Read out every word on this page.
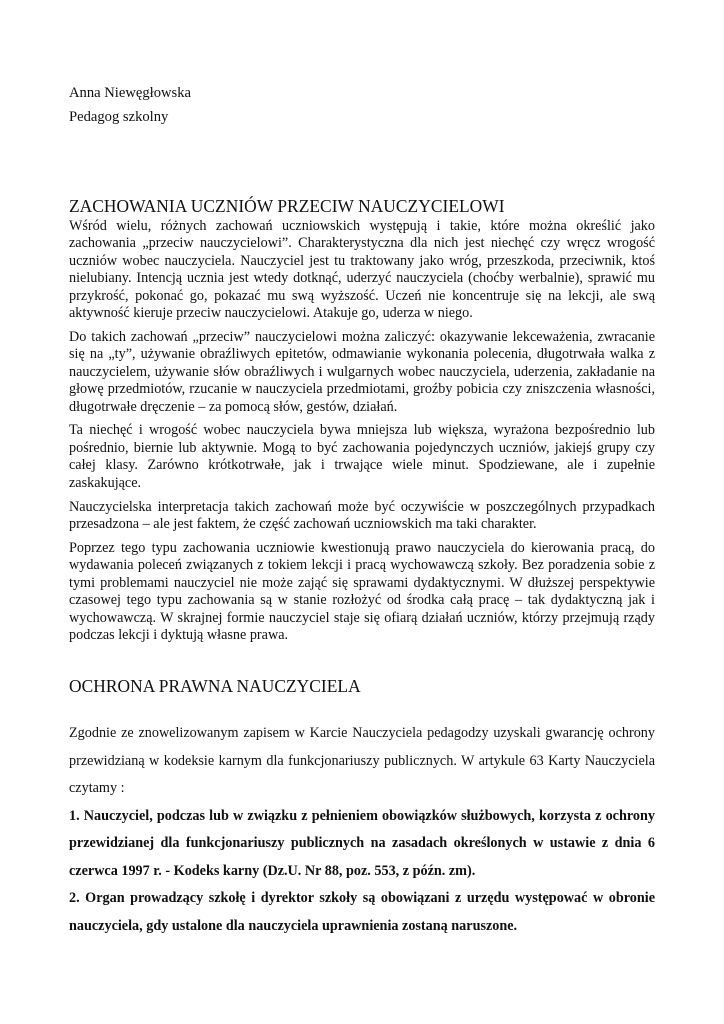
Anna Niewęgłowska
Pedagog szkolny
ZACHOWANIA UCZNIÓW PRZECIW NAUCZYCIELOWI

Wśród wielu, różnych zachowań uczniowskich występują i takie, które można określić jako zachowania „przeciw nauczycielowi”. Charakterystyczna dla nich jest niechęć czy wręcz wrogość uczniów wobec nauczyciela. Nauczyciel jest tu traktowany jako wróg, przeszkoda, przeciwnik, ktoś nielubiany. Intencją ucznia jest wtedy dotknąć, uderzyć nauczyciela (choćby werbalnie), sprawić mu przykrość, pokonać go, pokazać mu swą wyższość. Uczeń nie koncentruje się na lekcji, ale swą aktywność kieruje przeciw nauczycielowi. Atakuje go, uderza w niego.

Do takich zachowań „przeciw” nauczycielowi można zaliczyć: okazywanie lekceważenia, zwracanie się na „ty”, używanie obraźliwych epitetów, odmawianie wykonania polecenia, długotrwała walka z nauczycielem, używanie słów obraźliwych i wulgarnych wobec nauczyciela, uderzenia, zakładanie na głowę przedmiotów, rzucanie w nauczyciela przedmiotami, groźby pobicia czy zniszczenia własności, długotrwałe dręczenie – za pomocą słów, gestów, działań.

Ta niechęć i wrogość wobec nauczyciela bywa mniejsza lub większa, wyrażona bezpośrednio lub pośrednio, biernie lub aktywnie. Mogą to być zachowania pojedynczych uczniów, jakiejś grupy czy całej klasy. Zarówno krótkotrwałe, jak i trwające wiele minut. Spodziewane, ale i zupełnie zaskakujące.

Nauczycielska interpretacja takich zachowań może być oczywiście w poszczególnych przypadkach przesadzona – ale jest faktem, że część zachowań uczniowskich ma taki charakter.

Poprzez tego typu zachowania uczniowie kwestionują prawo nauczyciela do kierowania pracą, do wydawania poleceń związanych z tokiem lekcji i pracą wychowawczą szkoły. Bez poradzenia sobie z tymi problemami nauczyciel nie może zająć się sprawami dydaktycznymi. W dłuższej perspektywie czasowej tego typu zachowania są w stanie rozłożyć od środka całą pracę – tak dydaktyczną jak i wychowawczą. W skrajnej formie nauczyciel staje się ofiarą działań uczniów, którzy przejmują rządy podczas lekcji i dyktują własne prawa.

OCHRONA PRAWNA NAUCZYCIELA

Zgodnie ze znowelizowanym zapisem w Karcie Nauczyciela pedagodzy uzyskali gwarancję ochrony przewidzianą w kodeksie karnym dla funkcjonariuszy publicznych. W artykule 63 Karty Nauczyciela czytamy :

1. Nauczyciel, podczas lub w związku z pełnieniem obowiązków służbowych, korzysta z ochrony przewidzianej dla funkcjonariuszy publicznych na zasadach określonych w ustawie z dnia 6 czerwca 1997 r. - Kodeks karny (Dz.U. Nr 88, poz. 553, z późn. zm).

2. Organ prowadzący szkołę i dyrektor szkoły są obowiązani z urzędu występować w obronie nauczyciela, gdy ustalone dla nauczyciela uprawnienia zostaną naruszone.
